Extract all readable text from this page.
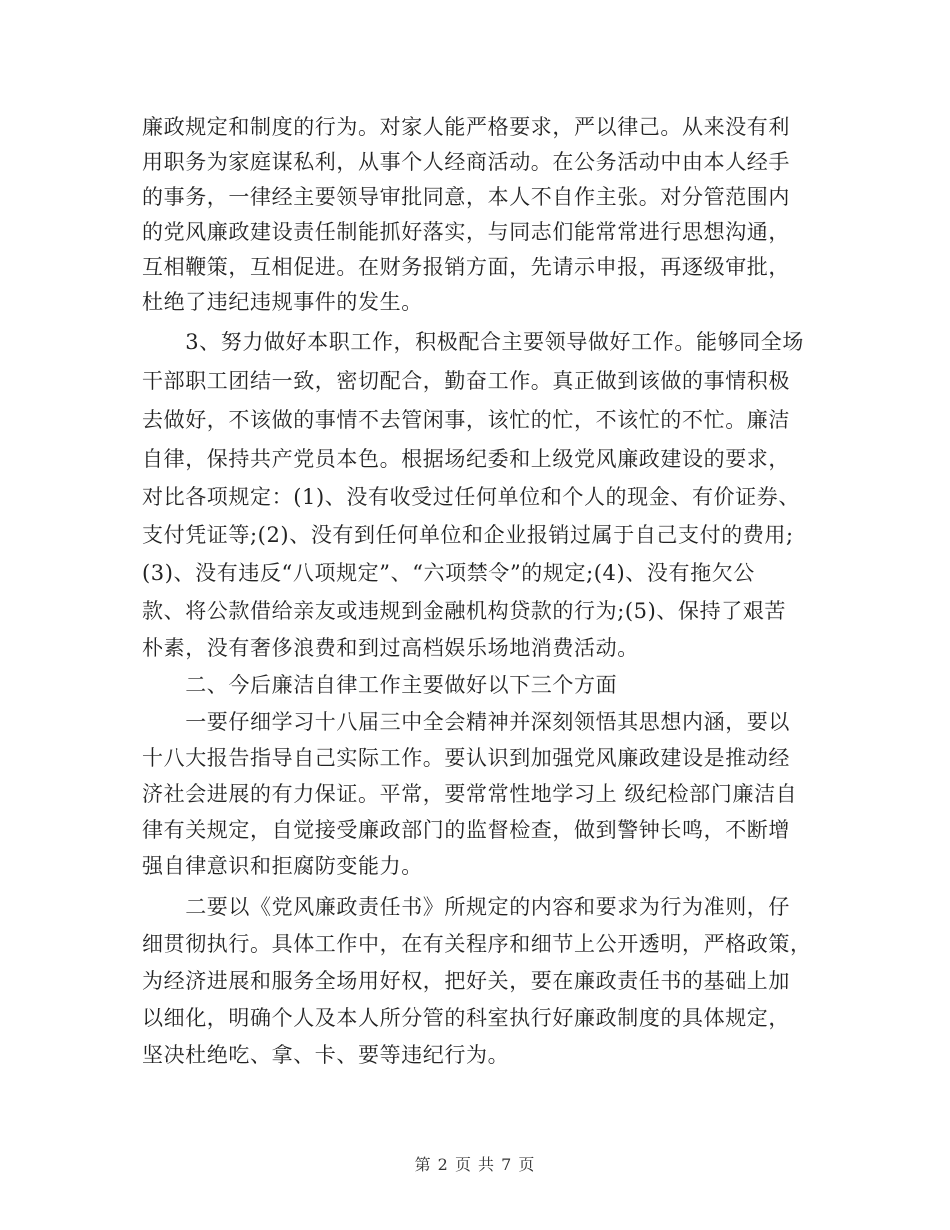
廉政规定和制度的行为。对家人能严格要求，严以律己。从来没有利
用职务为家庭谋私利，从事个人经商活动。在公务活动中由本人经手
的事务，一律经主要领导审批同意，本人不自作主张。对分管范围内
的党风廉政建设责任制能抓好落实，与同志们能常常进行思想沟通，
互相鞭策，互相促进。在财务报销方面，先请示申报，再逐级审批，
杜绝了违纪违规事件的发生。
　　3、努力做好本职工作，积极配合主要领导做好工作。能够同全场
干部职工团结一致，密切配合，勤奋工作。真正做到该做的事情积极
去做好，不该做的事情不去管闲事，该忙的忙，不该忙的不忙。廉洁
自律，保持共产党员本色。根据场纪委和上级党风廉政建设的要求，
对比各项规定：(1)、没有收受过任何单位和个人的现金、有价证券、
支付凭证等;(2)、没有到任何单位和企业报销过属于自己支付的费用;
(3)、没有违反“八项规定”、“六项禁令”的规定;(4)、没有拖欠公
款、将公款借给亲友或违规到金融机构贷款的行为;(5)、保持了艰苦
朴素，没有奢侈浪费和到过高档娱乐场地消费活动。
　　二、今后廉洁自律工作主要做好以下三个方面
　　一要仔细学习十八届三中全会精神并深刻领悟其思想内涵，要以
十八大报告指导自己实际工作。要认识到加强党风廉政建设是推动经
济社会进展的有力保证。平常，要常常性地学习上 级纪检部门廉洁自
律有关规定，自觉接受廉政部门的监督检查，做到警钟长鸣，不断增
强自律意识和拒腐防变能力。
　　二要以《党风廉政责任书》所规定的内容和要求为行为准则，仔
细贯彻执行。具体工作中，在有关程序和细节上公开透明，严格政策，
为经济进展和服务全场用好权，把好关，要在廉政责任书的基础上加
以细化，明确个人及本人所分管的科室执行好廉政制度的具体规定，
坚决杜绝吃、拿、卡、要等违纪行为。
第 2 页 共 7 页
